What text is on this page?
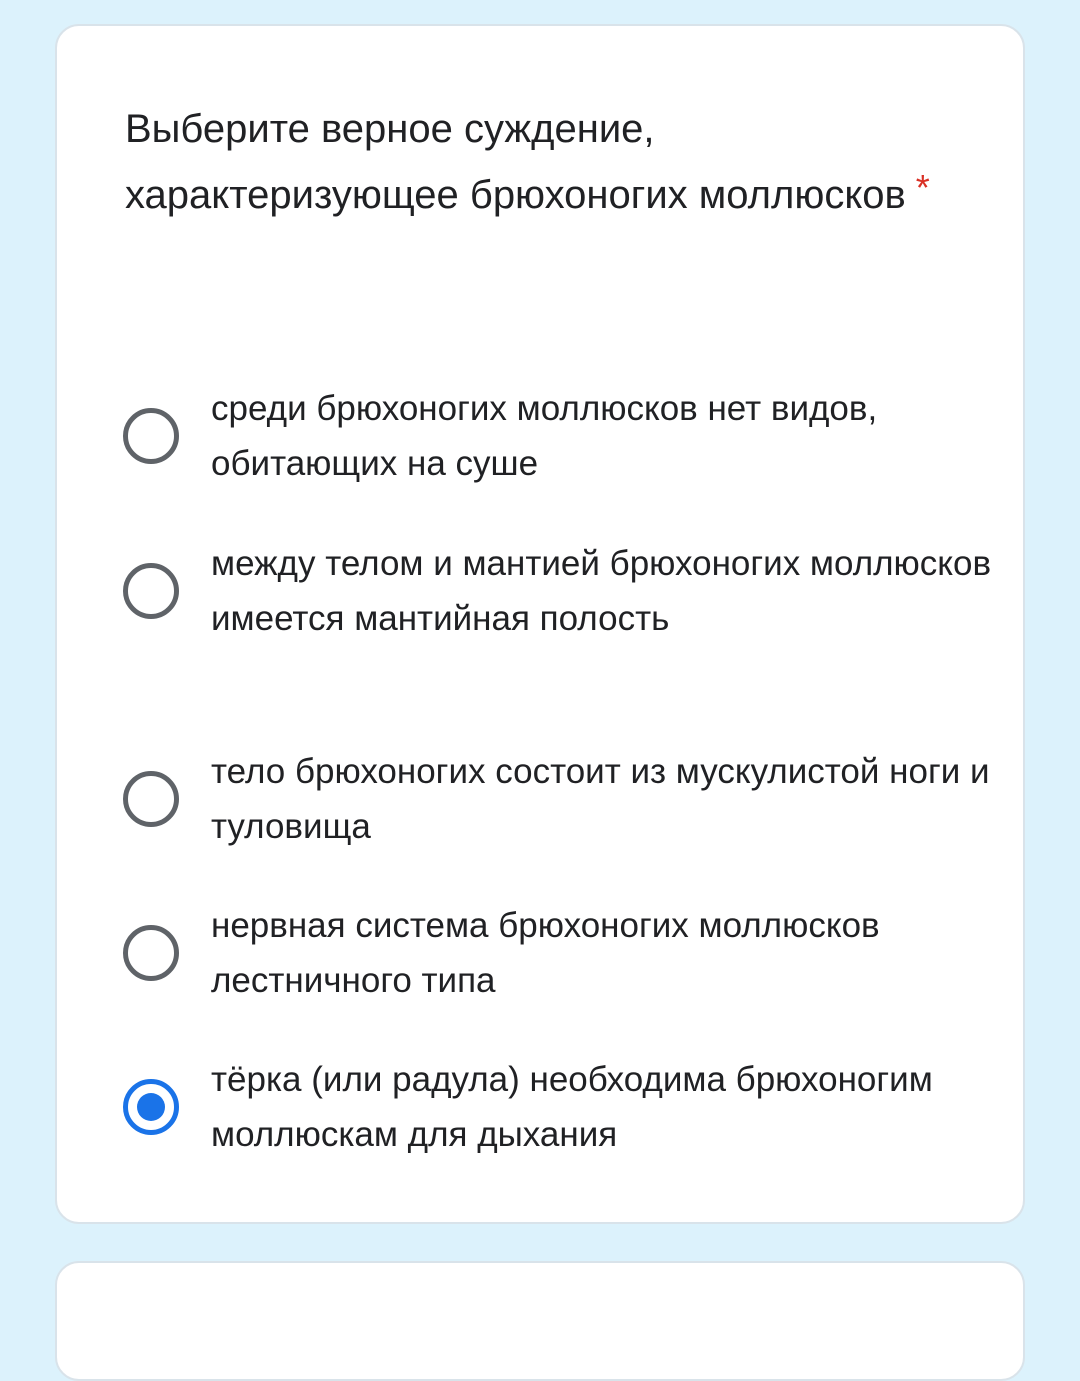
Выберите верное суждение, характеризующее брюхоногих моллюсков *
среди брюхоногих моллюсков нет видов, обитающих на суше
между телом и мантией брюхоногих моллюсков имеется мантийная полость
тело брюхоногих состоит из мускулистой ноги и туловища
нервная система брюхоногих моллюсков лестничного типа
тёрка (или радула) необходима брюхоногим моллюскам для дыхания
